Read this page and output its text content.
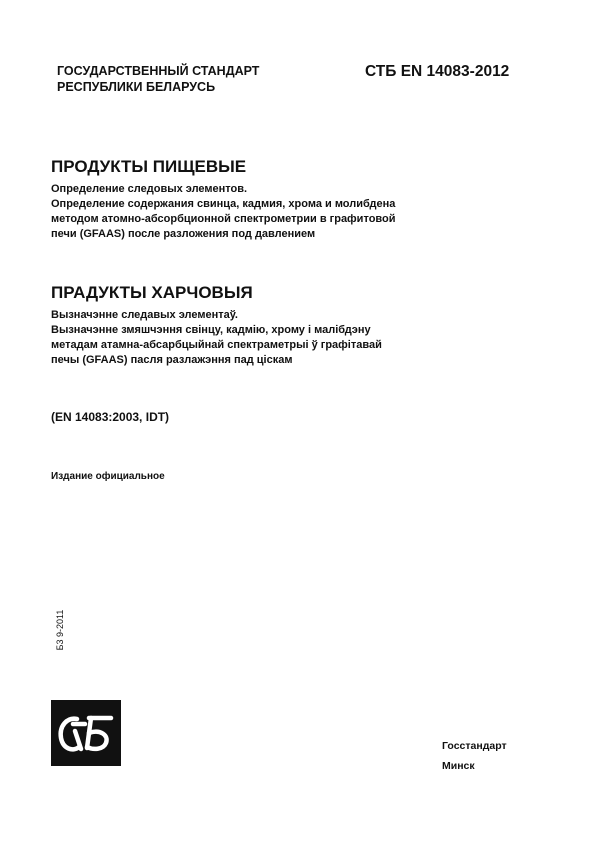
ГОСУДАРСТВЕННЫЙ СТАНДАРТ
РЕСПУБЛИКИ БЕЛАРУСЬ
СТБ EN 14083-2012
ПРОДУКТЫ ПИЩЕВЫЕ
Определение следовых элементов.
Определение содержания свинца, кадмия, хрома и молибдена
методом атомно-абсорбционной спектрометрии в графитовой
печи (GFAAS) после разложения под давлением
ПРАДУКТЫ ХАРЧОВЫЯ
Вызначэнне следавых элементаў.
Вызначэнне змяшчэння свінцу, кадмію, хрому і малібдэну
метадам атамна-абсарбцыйнай спектраметрыі ў графітавай
печы (GFAAS) пасля разлажэння пад ціскам
(EN 14083:2003, IDT)
Издание официальное
Б3 9-2011
Госстандарт
Минск
